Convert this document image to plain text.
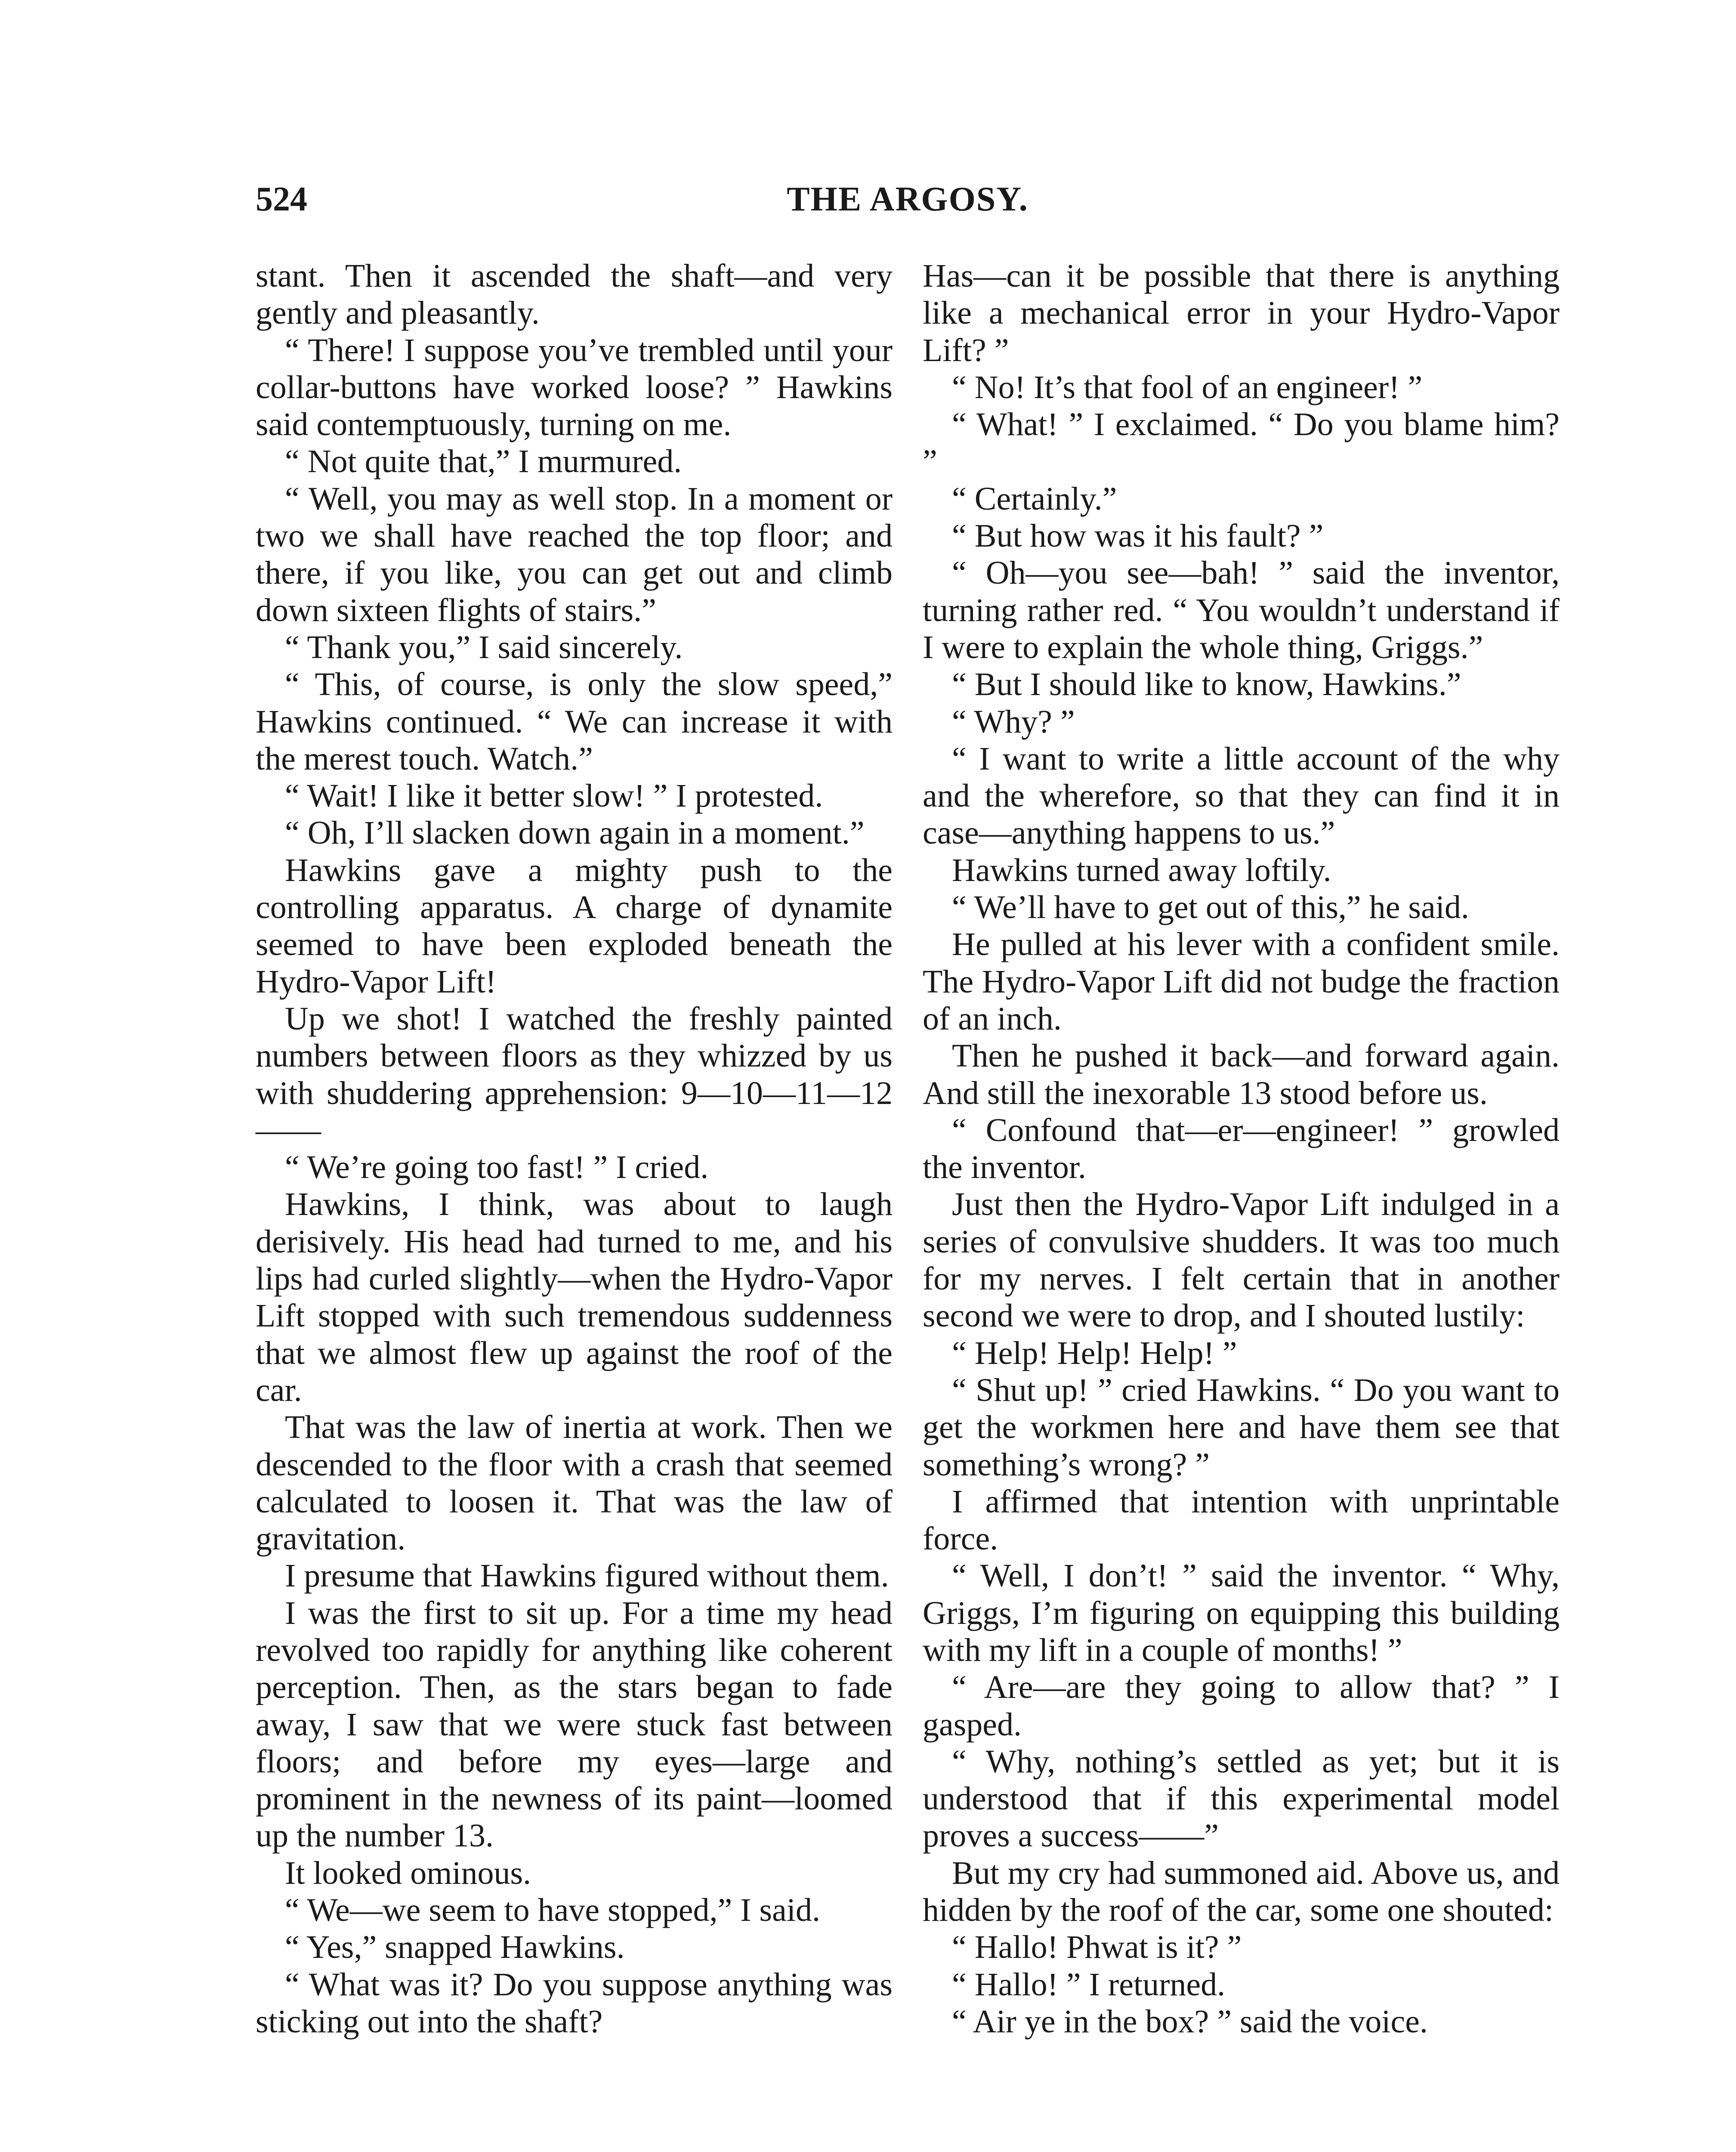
524	THE ARGOSY.

stant. Then it ascended the shaft—and very gently and pleasantly.

“ There! I suppose you’ve trembled until your collar-buttons have worked loose? ” Hawkins said contemptuously, turning on me.

“ Not quite that,” I murmured.

“ Well, you may as well stop. In a moment or two we shall have reached the top floor; and there, if you like, you can get out and climb down sixteen flights of stairs.”

“ Thank you,” I said sincerely.

“ This, of course, is only the slow speed,” Hawkins continued. “ We can increase it with the merest touch. Watch.”

“ Wait! I like it better slow! ” I protested.

“ Oh, I’ll slacken down again in a moment.”

Hawkins gave a mighty push to the controlling apparatus. A charge of dynamite seemed to have been exploded beneath the Hydro-Vapor Lift!

Up we shot! I watched the freshly painted numbers between floors as they whizzed by us with shuddering apprehension: 9—10—11—12——

“ We’re going too fast! ” I cried.

Hawkins, I think, was about to laugh derisively. His head had turned to me, and his lips had curled slightly—when the Hydro-Vapor Lift stopped with such tremendous suddenness that we almost flew up against the roof of the car.

That was the law of inertia at work. Then we descended to the floor with a crash that seemed calculated to loosen it. That was the law of gravitation.

I presume that Hawkins figured without them.

I was the first to sit up. For a time my head revolved too rapidly for anything like coherent perception. Then, as the stars began to fade away, I saw that we were stuck fast between floors; and before my eyes—large and prominent in the newness of its paint—loomed up the number 13.

It looked ominous.

“ We—we seem to have stopped,” I said.

“ Yes,” snapped Hawkins.

“ What was it? Do you suppose anything was sticking out into the shaft?

Has—can it be possible that there is anything like a mechanical error in your Hydro-Vapor Lift? ”

“ No! It’s that fool of an engineer! ”

“ What! ” I exclaimed. “ Do you blame him? ”

“ Certainly.”

“ But how was it his fault? ”

“ Oh—you see—bah! ” said the inventor, turning rather red. “ You wouldn’t understand if I were to explain the whole thing, Griggs.”

“ But I should like to know, Hawkins.”

“ Why? ”

“ I want to write a little account of the why and the wherefore, so that they can find it in case—anything happens to us.”

Hawkins turned away loftily.

“ We’ll have to get out of this,” he said.

He pulled at his lever with a confident smile. The Hydro-Vapor Lift did not budge the fraction of an inch.

Then he pushed it back—and forward again. And still the inexorable 13 stood before us.

“ Confound that—er—engineer! ” growled the inventor.

Just then the Hydro-Vapor Lift indulged in a series of convulsive shudders. It was too much for my nerves. I felt certain that in another second we were to drop, and I shouted lustily:

“ Help! Help! Help! ”

“ Shut up! ” cried Hawkins. “ Do you want to get the workmen here and have them see that something’s wrong? ”

I affirmed that intention with unprintable force.

“ Well, I don’t! ” said the inventor. “ Why, Griggs, I’m figuring on equipping this building with my lift in a couple of months! ”

“ Are—are they going to allow that? ” I gasped.

“ Why, nothing’s settled as yet; but it is understood that if this experimental model proves a success——”

But my cry had summoned aid. Above us, and hidden by the roof of the car, some one shouted:

“ Hallo! Phwat is it? ”

“ Hallo! ” I returned.

“ Air ye in the box? ” said the voice.
